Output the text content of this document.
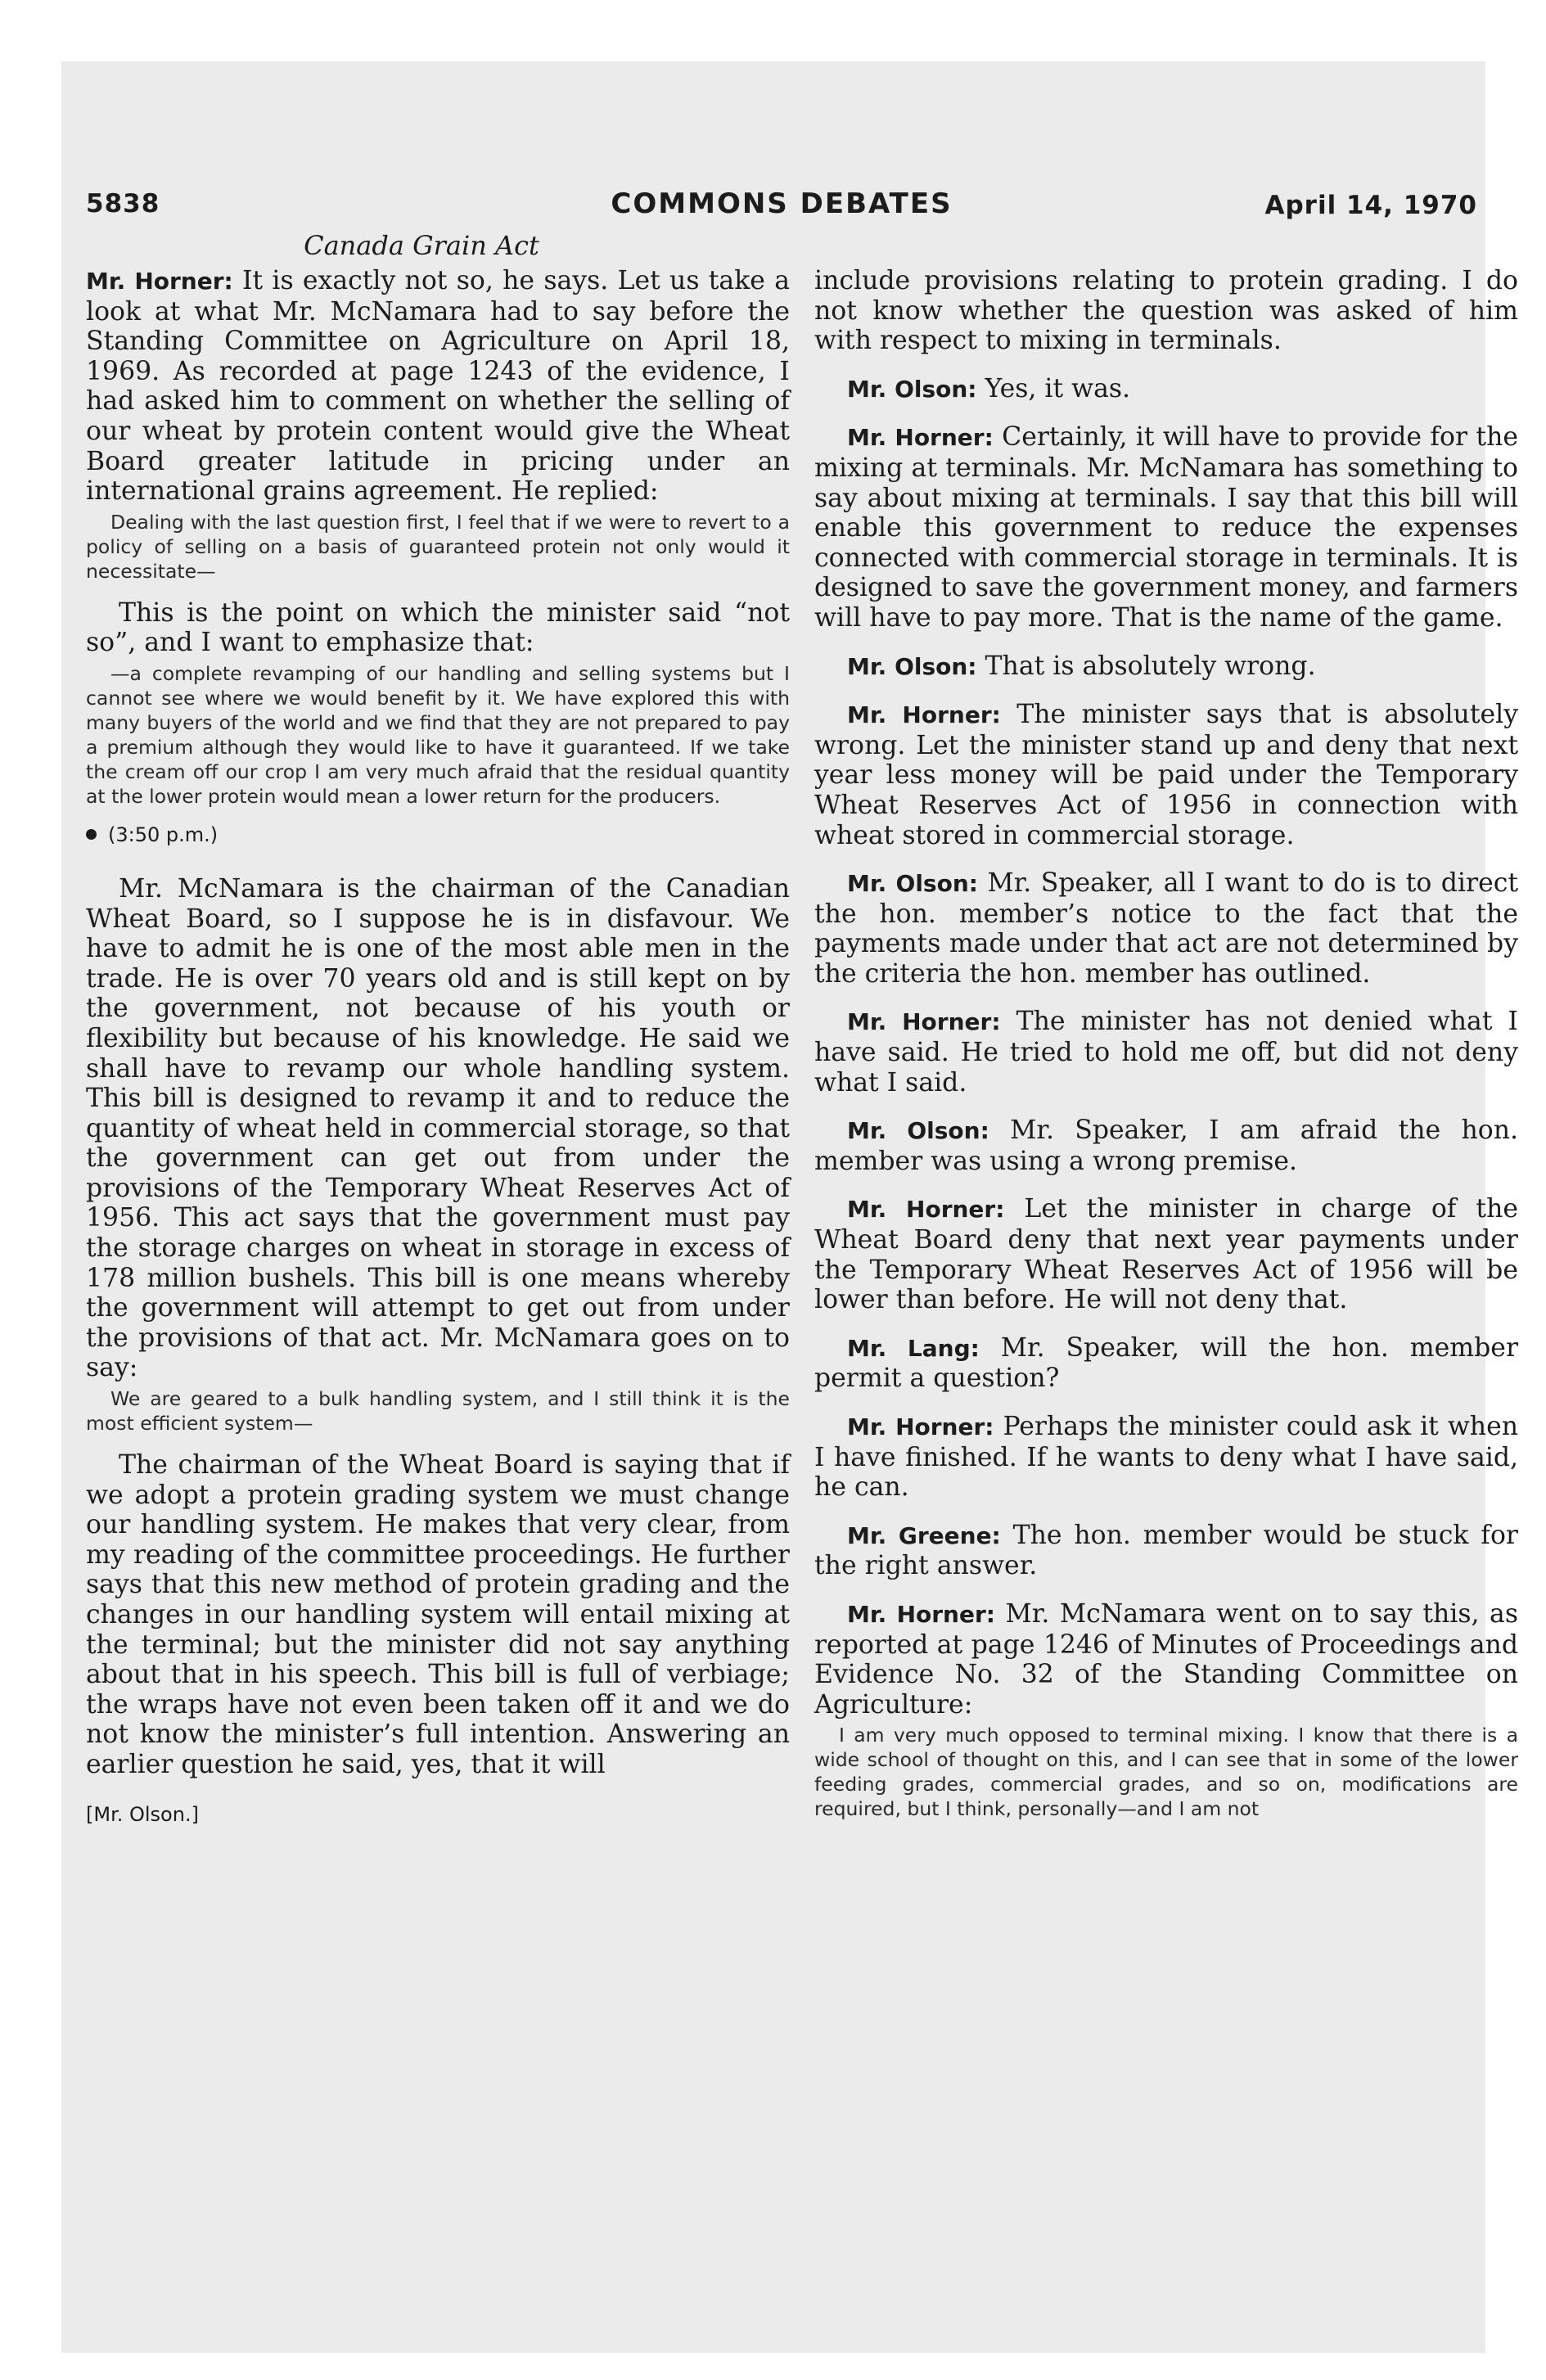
COMMONS DEBATES
5838	April 14, 1970
Canada Grain Act

Mr. Horner: It is exactly not so, he says. Let us take a look at what Mr. McNamara had to say before the Standing Committee on Agriculture on April 18, 1969. As recorded at page 1243 of the evidence, I had asked him to comment on whether the selling of our wheat by protein content would give the Wheat Board greater latitude in pricing under an international grains agreement. He replied:

Dealing with the last question first, I feel that if we were to revert to a policy of selling on a basis of guaranteed protein not only would it necessitate—

This is the point on which the minister said “not so”, and I want to emphasize that:

—a complete revamping of our handling and selling systems but I cannot see where we would benefit by it. We have explored this with many buyers of the world and we find that they are not prepared to pay a premium although they would like to have it guaranteed. If we take the cream off our crop I am very much afraid that the residual quantity at the lower protein would mean a lower return for the producers.

(3:50 p.m.)

Mr. McNamara is the chairman of the Canadian Wheat Board, so I suppose he is in disfavour. We have to admit he is one of the most able men in the trade. He is over 70 years old and is still kept on by the government, not because of his youth or flexibility but because of his knowledge. He said we shall have to revamp our whole handling system. This bill is designed to revamp it and to reduce the quantity of wheat held in commercial storage, so that the government can get out from under the provisions of the Temporary Wheat Reserves Act of 1956. This act says that the government must pay the storage charges on wheat in storage in excess of 178 million bushels. This bill is one means whereby the government will attempt to get out from under the provisions of that act. Mr. McNamara goes on to say:

We are geared to a bulk handling system, and I still think it is the most efficient system—

The chairman of the Wheat Board is saying that if we adopt a protein grading system we must change our handling system. He makes that very clear, from my reading of the committee proceedings. He further says that this new method of protein grading and the changes in our handling system will entail mixing at the terminal; but the minister did not say anything about that in his speech. This bill is full of verbiage; the wraps have not even been taken off it and we do not know the minister’s full intention. Answering an earlier question he said, yes, that it will

[Mr. Olson.]

include provisions relating to protein grading. I do not know whether the question was asked of him with respect to mixing in terminals.

Mr. Olson: Yes, it was.

Mr. Horner: Certainly, it will have to provide for the mixing at terminals. Mr. McNamara has something to say about mixing at terminals. I say that this bill will enable this government to reduce the expenses connected with commercial storage in terminals. It is designed to save the government money, and farmers will have to pay more. That is the name of the game.

Mr. Olson: That is absolutely wrong.

Mr. Horner: The minister says that is absolutely wrong. Let the minister stand up and deny that next year less money will be paid under the Temporary Wheat Reserves Act of 1956 in connection with wheat stored in commercial storage.

Mr. Olson: Mr. Speaker, all I want to do is to direct the hon. member’s notice to the fact that the payments made under that act are not determined by the criteria the hon. member has outlined.

Mr. Horner: The minister has not denied what I have said. He tried to hold me off, but did not deny what I said.

Mr. Olson: Mr. Speaker, I am afraid the hon. member was using a wrong premise.

Mr. Horner: Let the minister in charge of the Wheat Board deny that next year payments under the Temporary Wheat Reserves Act of 1956 will be lower than before. He will not deny that.

Mr. Lang: Mr. Speaker, will the hon. member permit a question?

Mr. Horner: Perhaps the minister could ask it when I have finished. If he wants to deny what I have said, he can.

Mr. Greene: The hon. member would be stuck for the right answer.

Mr. Horner: Mr. McNamara went on to say this, as reported at page 1246 of Minutes of Proceedings and Evidence No. 32 of the Standing Committee on Agriculture:

I am very much opposed to terminal mixing. I know that there is a wide school of thought on this, and I can see that in some of the lower feeding grades, commercial grades, and so on, modifications are required, but I think, personally—and I am not
